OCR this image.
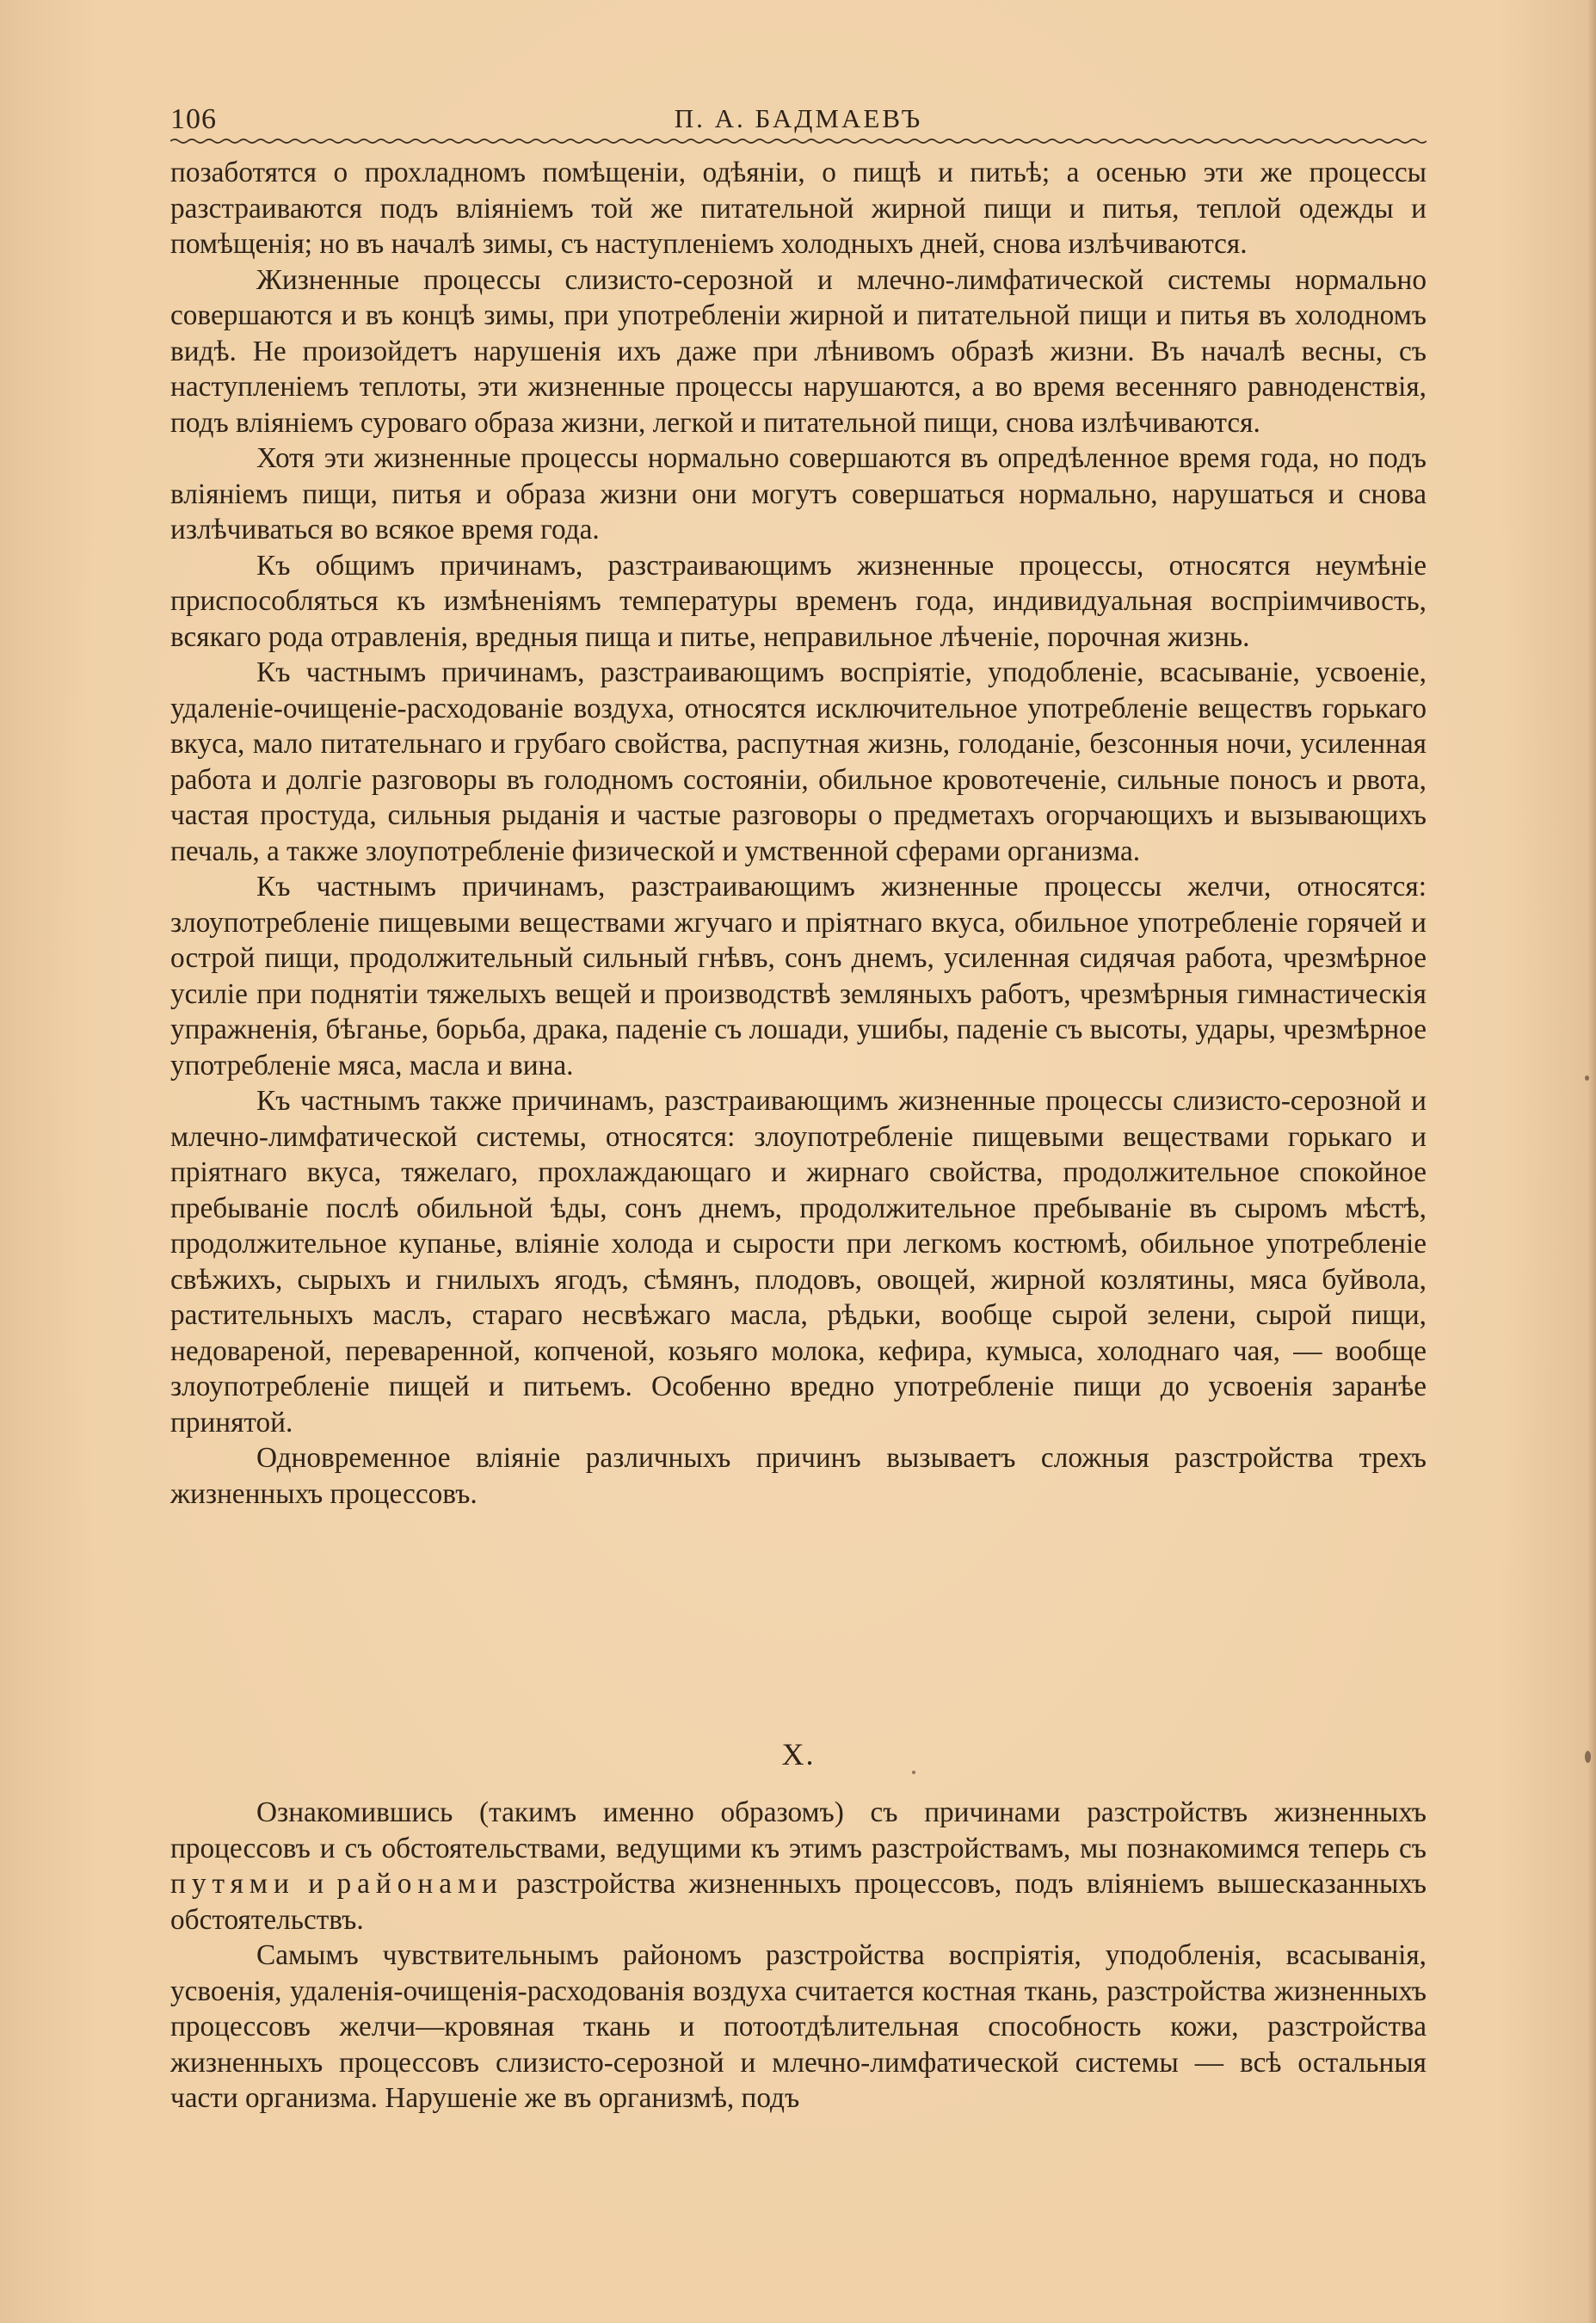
106	П. А. БАДМАЕВЪ

позаботятся о прохладномъ помѣщеніи, одѣяніи, о пищѣ и питьѣ; а осенью эти же процессы разстраиваются подъ вліяніемъ той же питательной жирной пищи и питья, теплой одежды и помѣщенія; но въ началѣ зимы, съ наступленіемъ холодныхъ дней, снова излѣчиваются.

Жизненные процессы слизисто-серозной и млечно-лимфатической системы нормально совершаются и въ концѣ зимы, при употребленіи жирной и питательной пищи и питья въ холодномъ видѣ. Не произойдетъ нарушенія ихъ даже при лѣнивомъ образѣ жизни. Въ началѣ весны, съ наступленіемъ теплоты, эти жизненные процессы нарушаются, а во время весенняго равноденствія, подъ вліяніемъ суроваго образа жизни, легкой и питательной пищи, снова излѣчиваются.

Хотя эти жизненные процессы нормально совершаются въ опредѣленное время года, но подъ вліяніемъ пищи, питья и образа жизни они могутъ совершаться нормально, нарушаться и снова излѣчиваться во всякое время года.

Къ общимъ причинамъ, разстраивающимъ жизненные процессы, относятся неумѣніе приспособляться къ измѣненіямъ температуры временъ года, индивидуальная воспріимчивость, всякаго рода отравленія, вредныя пища и питье, неправильное лѣченіе, порочная жизнь.

Къ частнымъ причинамъ, разстраивающимъ воспріятіе, уподобленіе, всасываніе, усвоеніе, удаленіе-очищеніе-расходованіе воздуха, относятся исключительное употребленіе веществъ горькаго вкуса, мало питательнаго и грубаго свойства, распутная жизнь, голоданіе, безсонныя ночи, усиленная работа и долгіе разговоры въ голодномъ состояніи, обильное кровотеченіе, сильные поносъ и рвота, частая простуда, сильныя рыданія и частые разговоры о предметахъ огорчающихъ и вызывающихъ печаль, а также злоупотребленіе физической и умственной сферами организма.

Къ частнымъ причинамъ, разстраивающимъ жизненные процессы желчи, относятся: злоупотребленіе пищевыми веществами жгучаго и пріятнаго вкуса, обильное употребленіе горячей и острой пищи, продолжительный сильный гнѣвъ, сонъ днемъ, усиленная сидячая работа, чрезмѣрное усиліе при поднятіи тяжелыхъ вещей и производствѣ земляныхъ работъ, чрезмѣрныя гимнастическія упражненія, бѣганье, борьба, драка, паденіе съ лошади, ушибы, паденіе съ высоты, удары, чрезмѣрное употребленіе мяса, масла и вина.

Къ частнымъ также причинамъ, разстраивающимъ жизненные процессы слизисто-серозной и млечно-лимфатической системы, относятся: злоупотребленіе пищевыми веществами горькаго и пріятнаго вкуса, тяжелаго, прохлаждающаго и жирнаго свойства, продолжительное спокойное пребываніе послѣ обильной ѣды, сонъ днемъ, продолжительное пребываніе въ сыромъ мѣстѣ, продолжительное купанье, вліяніе холода и сырости при легкомъ костюмѣ, обильное употребленіе свѣжихъ, сырыхъ и гнилыхъ ягодъ, сѣмянъ, плодовъ, овощей, жирной козлятины, мяса буйвола, растительныхъ маслъ, стараго несвѣжаго масла, рѣдьки, вообще сырой зелени, сырой пищи, недовареной, переваренной, копченой, козьяго молока, кефира, кумыса, холоднаго чая, — вообще злоупотребленіе пищей и питьемъ. Особенно вредно употребленіе пищи до усвоенія заранѣе принятой.

Одновременное вліяніе различныхъ причинъ вызываетъ сложныя разстройства трехъ жизненныхъ процессовъ.

X.

Ознакомившись (такимъ именно образомъ) съ причинами разстройствъ жизненныхъ процессовъ и съ обстоятельствами, ведущими къ этимъ разстройствамъ, мы познакомимся теперь съ путями и районами разстройства жизненныхъ процессовъ, подъ вліяніемъ вышесказанныхъ обстоятельствъ.

Самымъ чувствительнымъ райономъ разстройства воспріятія, уподобленія, всасыванія, усвоенія, удаленія-очищенія-расходованія воздуха считается костная ткань, разстройства жизненныхъ процессовъ желчи—кровяная ткань и потоотдѣлительная способность кожи, разстройства жизненныхъ процессовъ слизисто-серозной и млечно-лимфатической системы — всѣ остальныя части организма. Нарушеніе же въ организмѣ, подъ
